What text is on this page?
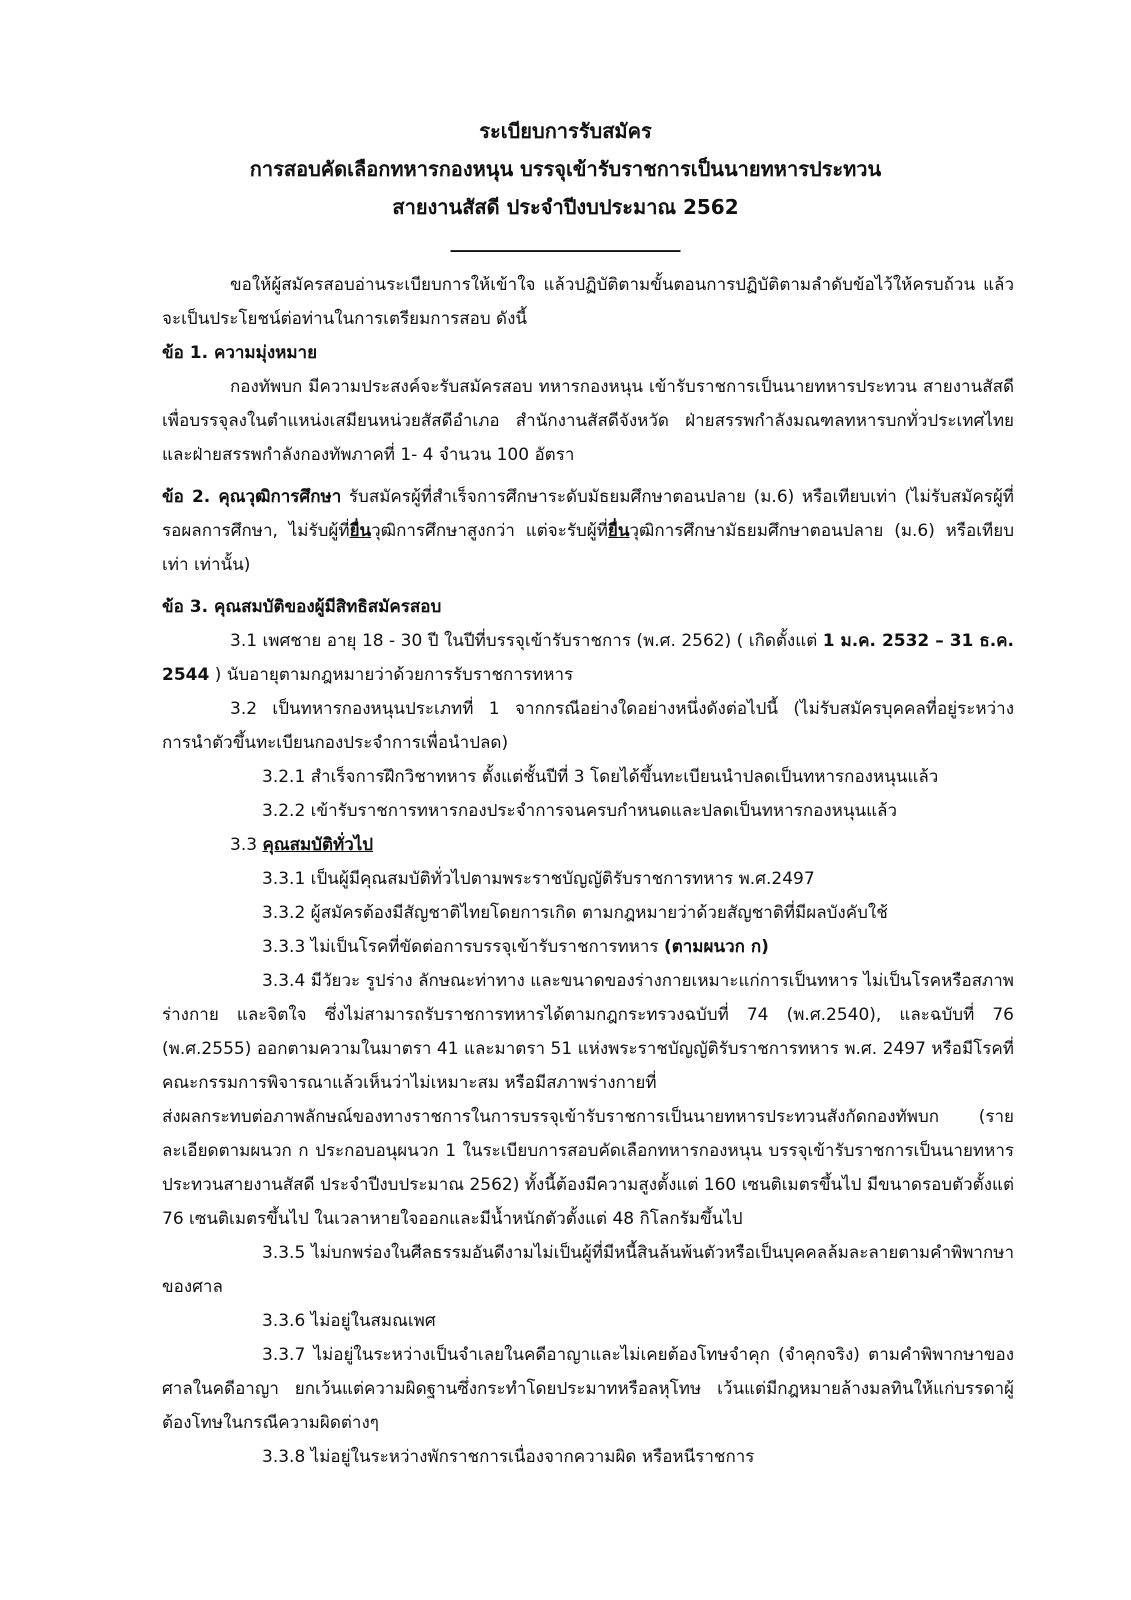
ระเบียบการรับสมัคร
การสอบคัดเลือกทหารกองหนุน บรรจุเข้ารับราชการเป็นนายทหารประทวน
สายงานสัสดี ประจำปีงบประมาณ 2562
_______________________

ขอให้ผู้สมัครสอบอ่านระเบียบการให้เข้าใจ แล้วปฏิบัติตามขั้นตอนการปฏิบัติตามลำดับข้อไว้ให้ครบถ้วน แล้วจะเป็นประโยชน์ต่อท่านในการเตรียมการสอบ ดังนี้

ข้อ 1. ความมุ่งหมาย

กองทัพบก มีความประสงค์จะรับสมัครสอบ ทหารกองหนุน เข้ารับราชการเป็นนายทหารประทวน สายงานสัสดี เพื่อบรรจุลงในตำแหน่งเสมียนหน่วยสัสดีอำเภอ สำนักงานสัสดีจังหวัด ฝ่ายสรรพกำลังมณฑลทหารบกทั่วประเทศไทย และฝ่ายสรรพกำลังกองทัพภาคที่ 1- 4 จำนวน 100 อัตรา

ข้อ 2. คุณวุฒิการศึกษา รับสมัครผู้ที่สำเร็จการศึกษาระดับมัธยมศึกษาตอนปลาย (ม.6) หรือเทียบเท่า (ไม่รับสมัครผู้ที่รอผลการศึกษา, ไม่รับผู้ที่ยื่นวุฒิการศึกษาสูงกว่า แต่จะรับผู้ที่ยื่นวุฒิการศึกษามัธยมศึกษาตอนปลาย (ม.6) หรือเทียบเท่า เท่านั้น)

ข้อ 3. คุณสมบัติของผู้มีสิทธิสมัครสอบ

3.1 เพศชาย อายุ 18 - 30 ปี ในปีที่บรรจุเข้ารับราชการ (พ.ศ. 2562) ( เกิดตั้งแต่ 1 ม.ค. 2532 – 31 ธ.ค. 2544 ) นับอายุตามกฎหมายว่าด้วยการรับราชการทหาร

3.2 เป็นทหารกองหนุนประเภทที่ 1 จากกรณีอย่างใดอย่างหนึ่งดังต่อไปนี้ (ไม่รับสมัครบุคคลที่อยู่ระหว่างการนำตัวขึ้นทะเบียนกองประจำการเพื่อนำปลด)

3.2.1 สำเร็จการฝึกวิชาทหาร ตั้งแต่ชั้นปีที่ 3 โดยได้ขึ้นทะเบียนนำปลดเป็นทหารกองหนุนแล้ว

3.2.2 เข้ารับราชการทหารกองประจำการจนครบกำหนดและปลดเป็นทหารกองหนุนแล้ว

3.3 คุณสมบัติทั่วไป

3.3.1 เป็นผู้มีคุณสมบัติทั่วไปตามพระราชบัญญัติรับราชการทหาร พ.ศ.2497

3.3.2 ผู้สมัครต้องมีสัญชาติไทยโดยการเกิด ตามกฎหมายว่าด้วยสัญชาติที่มีผลบังคับใช้

3.3.3 ไม่เป็นโรคที่ขัดต่อการบรรจุเข้ารับราชการทหาร (ตามผนวก ก)

3.3.4 มีวัยวะ รูปร่าง ลักษณะท่าทาง และขนาดของร่างกายเหมาะแก่การเป็นทหาร ไม่เป็นโรคหรือสภาพร่างกาย และจิตใจ ซึ่งไม่สามารถรับราชการทหารได้ตามกฎกระทรวงฉบับที่ 74 (พ.ศ.2540), และฉบับที่ 76 (พ.ศ.2555) ออกตามความในมาตรา 41 และมาตรา 51 แห่งพระราชบัญญัติรับราชการทหาร พ.ศ. 2497 หรือมีโรคที่คณะกรรมการพิจารณาแล้วเห็นว่าไม่เหมาะสม หรือมีสภาพร่างกายที่

ส่งผลกระทบต่อภาพลักษณ์ของทางราชการในการบรรจุเข้ารับราชการเป็นนายทหารประทวนสังกัดกองทัพบก (รายละเอียดตามผนวก ก ประกอบอนุผนวก 1 ในระเบียบการสอบคัดเลือกทหารกองหนุน บรรจุเข้ารับราชการเป็นนายทหารประทวนสายงานสัสดี ประจำปีงบประมาณ 2562) ทั้งนี้ต้องมีความสูงตั้งแต่ 160 เซนติเมตรขึ้นไป มีขนาดรอบตัวตั้งแต่ 76 เซนติเมตรขึ้นไป ในเวลาหายใจออกและมีน้ำหนักตัวตั้งแต่ 48 กิโลกรัมขึ้นไป

3.3.5 ไม่บกพร่องในศีลธรรมอันดีงามไม่เป็นผู้ที่มีหนี้สินล้นพ้นตัวหรือเป็นบุคคลล้มละลายตามคำพิพากษาของศาล

3.3.6 ไม่อยู่ในสมณเพศ

3.3.7 ไม่อยู่ในระหว่างเป็นจำเลยในคดีอาญาและไม่เคยต้องโทษจำคุก (จำคุกจริง) ตามคำพิพากษาของศาลในคดีอาญา ยกเว้นแต่ความผิดฐานซึ่งกระทำโดยประมาทหรือลหุโทษ เว้นแต่มีกฎหมายล้างมลทินให้แก่บรรดาผู้ต้องโทษในกรณีความผิดต่างๆ

3.3.8 ไม่อยู่ในระหว่างพักราชการเนื่องจากความผิด หรือหนีราชการ
